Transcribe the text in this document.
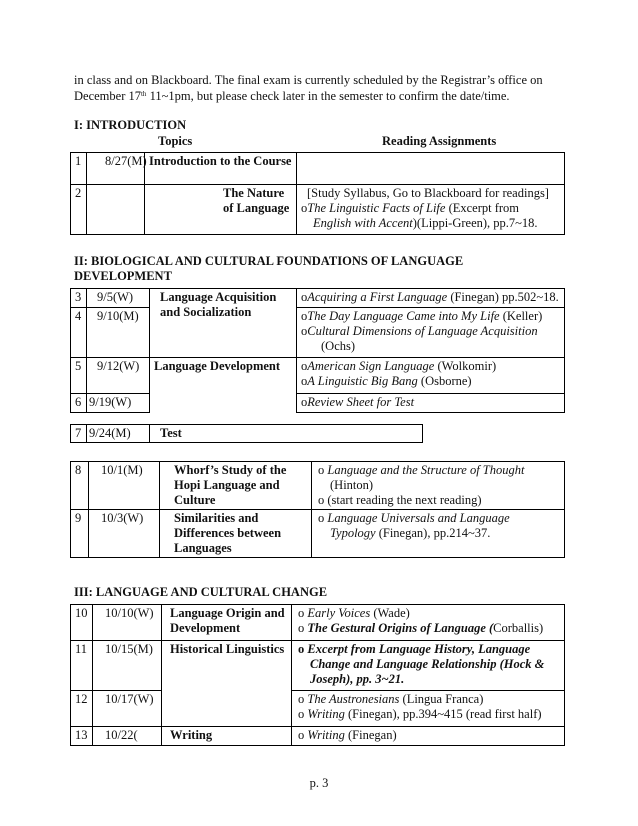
in class and on Blackboard. The final exam is currently scheduled by the Registrar’s office on
December 17th 11~1pm, but please check later in the semester to confirm the date/time.
I: INTRODUCTION
Topics	Reading Assignments
1	8/27(M)	Introduction to the Course	
2		The Nature of Language	[Study Syllabus, Go to Blackboard for readings]
oThe Linguistic Facts of Life (Excerpt from
English with Accent)(Lippi-Green), pp.7~18.
II: BIOLOGICAL AND CULTURAL FOUNDATIONS OF LANGUAGE
DEVELOPMENT
3	9/5(W)	Language Acquisition and Socialization	oAcquiring a First Language (Finegan) pp.502~18.
4	9/10(M)		oThe Day Language Came into My Life (Keller)
oCultural Dimensions of Language Acquisition
(Ochs)

5	9/12(W)	Language Development	oAmerican Sign Language (Wolkomir)
oA Linguistic Big Bang (Osborne)

6	9/19(W)		oReview Sheet for Test
7	9/24(M)	Test
8	10/1(M)	Whorf’s Study of the Hopi Language and Culture	o Language and the Structure of Thought
(Hinton)
o (start reading the next reading)

9	10/3(W)	Similarities and Differences between Languages	o Language Universals and Language
Typology (Finegan), pp.214~37.
III: LANGUAGE AND CULTURAL CHANGE
10	10/10(W)	Language Origin and Development	o Early Voices (Wade)
o The Gestural Origins of Language (Corballis)

11	10/15(M)	Historical Linguistics	o Excerpt from Language History, Language
Change and Language Relationship (Hock &
Joseph), pp. 3~21.

12	10/17(W)		o The Austronesians (Lingua Franca)
o Writing (Finegan), pp.394~415 (read first half)

13	10/22(	Writing	o Writing (Finegan)
p. 3
